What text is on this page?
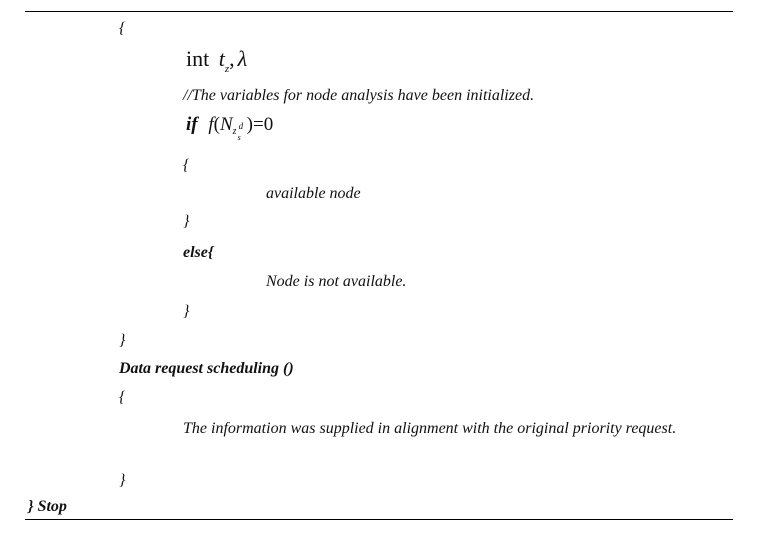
{
int $t_z$, λ
//The variables for node analysis have been initialized.
if f(N z d
s
)=0
{
available node
}
else{
Node is not available.
}
}
Data request scheduling ()
{
The information was supplied in alignment with the original priority request.
}
} Stop
